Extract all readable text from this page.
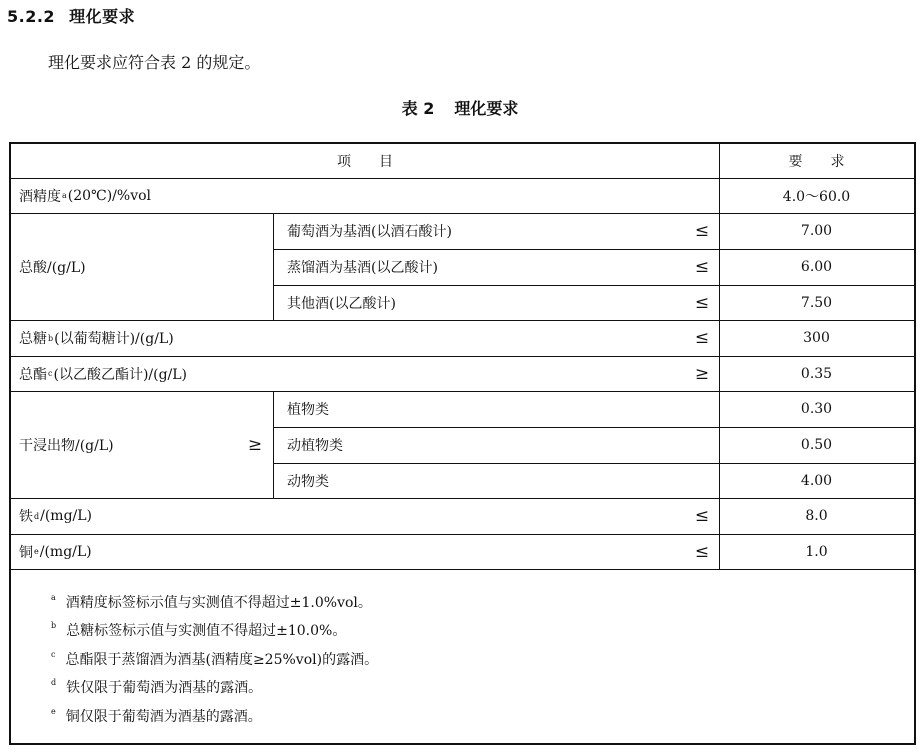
5.2.2 理化要求
理化要求应符合表 2 的规定。
表 2 理化要求
项　　目	要　　求
酒精度 a (20℃)/%vol	4.0～60.0
总酸/(g/L)
葡萄酒为基酒(以酒石酸计)	≤	7.00
蒸馏酒为基酒(以乙酸计)	≤	6.00
其他酒(以乙酸计)	≤	7.50
总糖 b (以葡萄糖计)/(g/L)	≤	300
总酯 c (以乙酸乙酯计)/(g/L)	≥	0.35
干浸出物/(g/L)	≥
植物类	0.30
动植物类	0.50
动物类	4.00
铁 d /(mg/L)	≤	8.0
铜 e /(mg/L)	≤	1.0
a 酒精度标签标示值与实测值不得超过±1.0%vol。
b 总糖标签标示值与实测值不得超过±10.0%。
c 总酯限于蒸馏酒为酒基(酒精度≥25%vol)的露酒。
d 铁仅限于葡萄酒为酒基的露酒。
e 铜仅限于葡萄酒为酒基的露酒。
